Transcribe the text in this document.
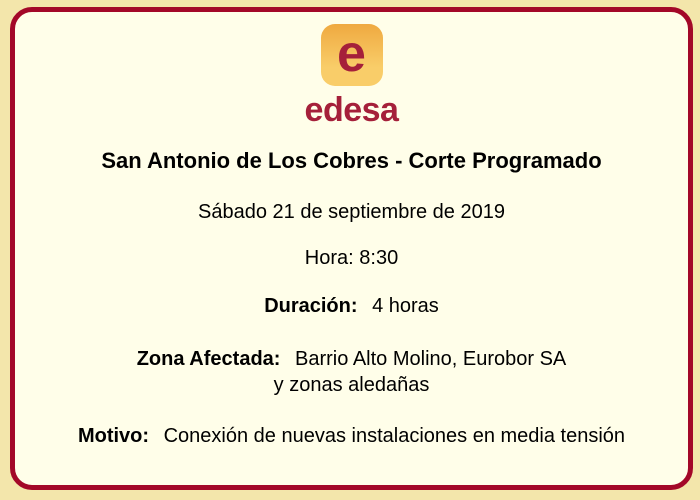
e
edesa
San Antonio de Los Cobres - Corte Programado
Sábado 21 de septiembre de 2019
Hora: 8:30
Duración: 4 horas
Zona Afectada: Barrio Alto Molino, Eurobor SA
y zonas aledañas
Motivo: Conexión de nuevas instalaciones en media tensión
